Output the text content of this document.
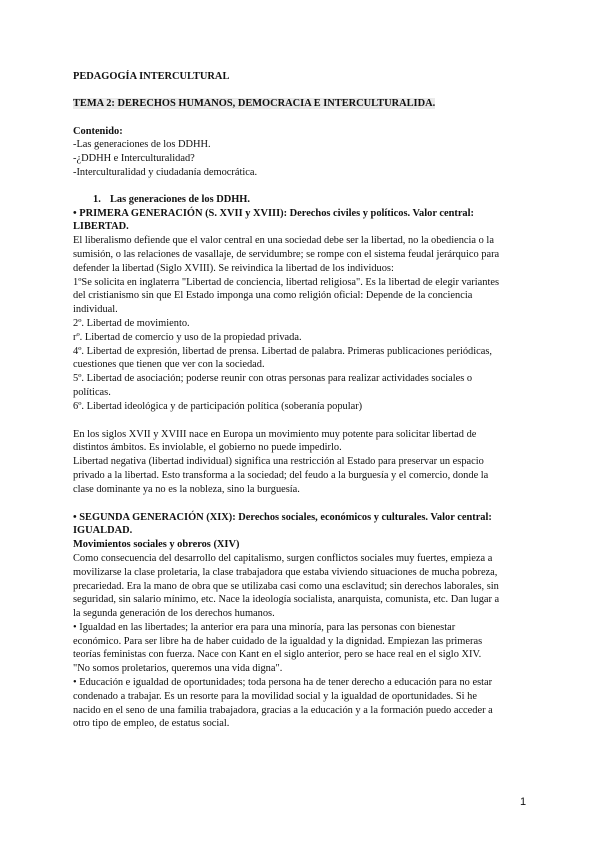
PEDAGOGÍA INTERCULTURAL
TEMA 2: DERECHOS HUMANOS, DEMOCRACIA E INTERCULTURALIDA.
Contenido:
-Las generaciones de los DDHH.
-¿DDHH e Interculturalidad?
-Interculturalidad y ciudadanía democrática.
1. Las generaciones de los DDHH.
• PRIMERA GENERACIÓN (S. XVII y XVIII): Derechos civiles y políticos. Valor central:
LIBERTAD.
El liberalismo defiende que el valor central en una sociedad debe ser la libertad, no la obediencia o la
sumisión, o las relaciones de vasallaje, de servidumbre; se rompe con el sistema feudal jerárquico para
defender la libertad (Siglo XVIII). Se reivindica la libertad de los individuos:
1ºSe solicita en inglaterra "Libertad de conciencia, libertad religiosa". Es la libertad de elegir variantes
del cristianismo sin que El Estado imponga una como religión oficial: Depende de la conciencia
individual.
2º. Libertad de movimiento.
rº. Libertad de comercio y uso de la propiedad privada.
4º. Libertad de expresión, libertad de prensa. Libertad de palabra. Primeras publicaciones periódicas,
cuestiones que tienen que ver con la sociedad.
5º. Libertad de asociación; poderse reunir con otras personas para realizar actividades sociales o
políticas.
6º. Libertad ideológica y de participación política (soberanía popular)
En los siglos XVII y XVIII nace en Europa un movimiento muy potente para solicitar libertad de
distintos ámbitos. Es inviolable, el gobierno no puede impedirlo.
Libertad negativa (libertad individual) significa una restricción al Estado para preservar un espacio
privado a la libertad. Esto transforma a la sociedad; del feudo a la burguesía y el comercio, donde la
clase dominante ya no es la nobleza, sino la burguesía.
• SEGUNDA GENERACIÓN (XIX): Derechos sociales, económicos y culturales. Valor central:
IGUALDAD.
Movimientos sociales y obreros (XIV)
Como consecuencia del desarrollo del capitalismo, surgen conflictos sociales muy fuertes, empieza a
movilizarse la clase proletaria, la clase trabajadora que estaba viviendo situaciones de mucha pobreza,
precariedad. Era la mano de obra que se utilizaba casi como una esclavitud; sin derechos laborales, sin
seguridad, sin salario mínimo, etc. Nace la ideología socialista, anarquista, comunista, etc. Dan lugar a
la segunda generación de los derechos humanos.
• Igualdad en las libertades; la anterior era para una minoría, para las personas con bienestar
económico. Para ser libre ha de haber cuidado de la igualdad y la dignidad. Empiezan las primeras
teorías feministas con fuerza. Nace con Kant en el siglo anterior, pero se hace real en el siglo XIV.
"No somos proletarios, queremos una vida digna".
• Educación e igualdad de oportunidades; toda persona ha de tener derecho a educación para no estar
condenado a trabajar. Es un resorte para la movilidad social y la igualdad de oportunidades. Si he
nacido en el seno de una familia trabajadora, gracias a la educación y a la formación puedo acceder a
otro tipo de empleo, de estatus social.
1
